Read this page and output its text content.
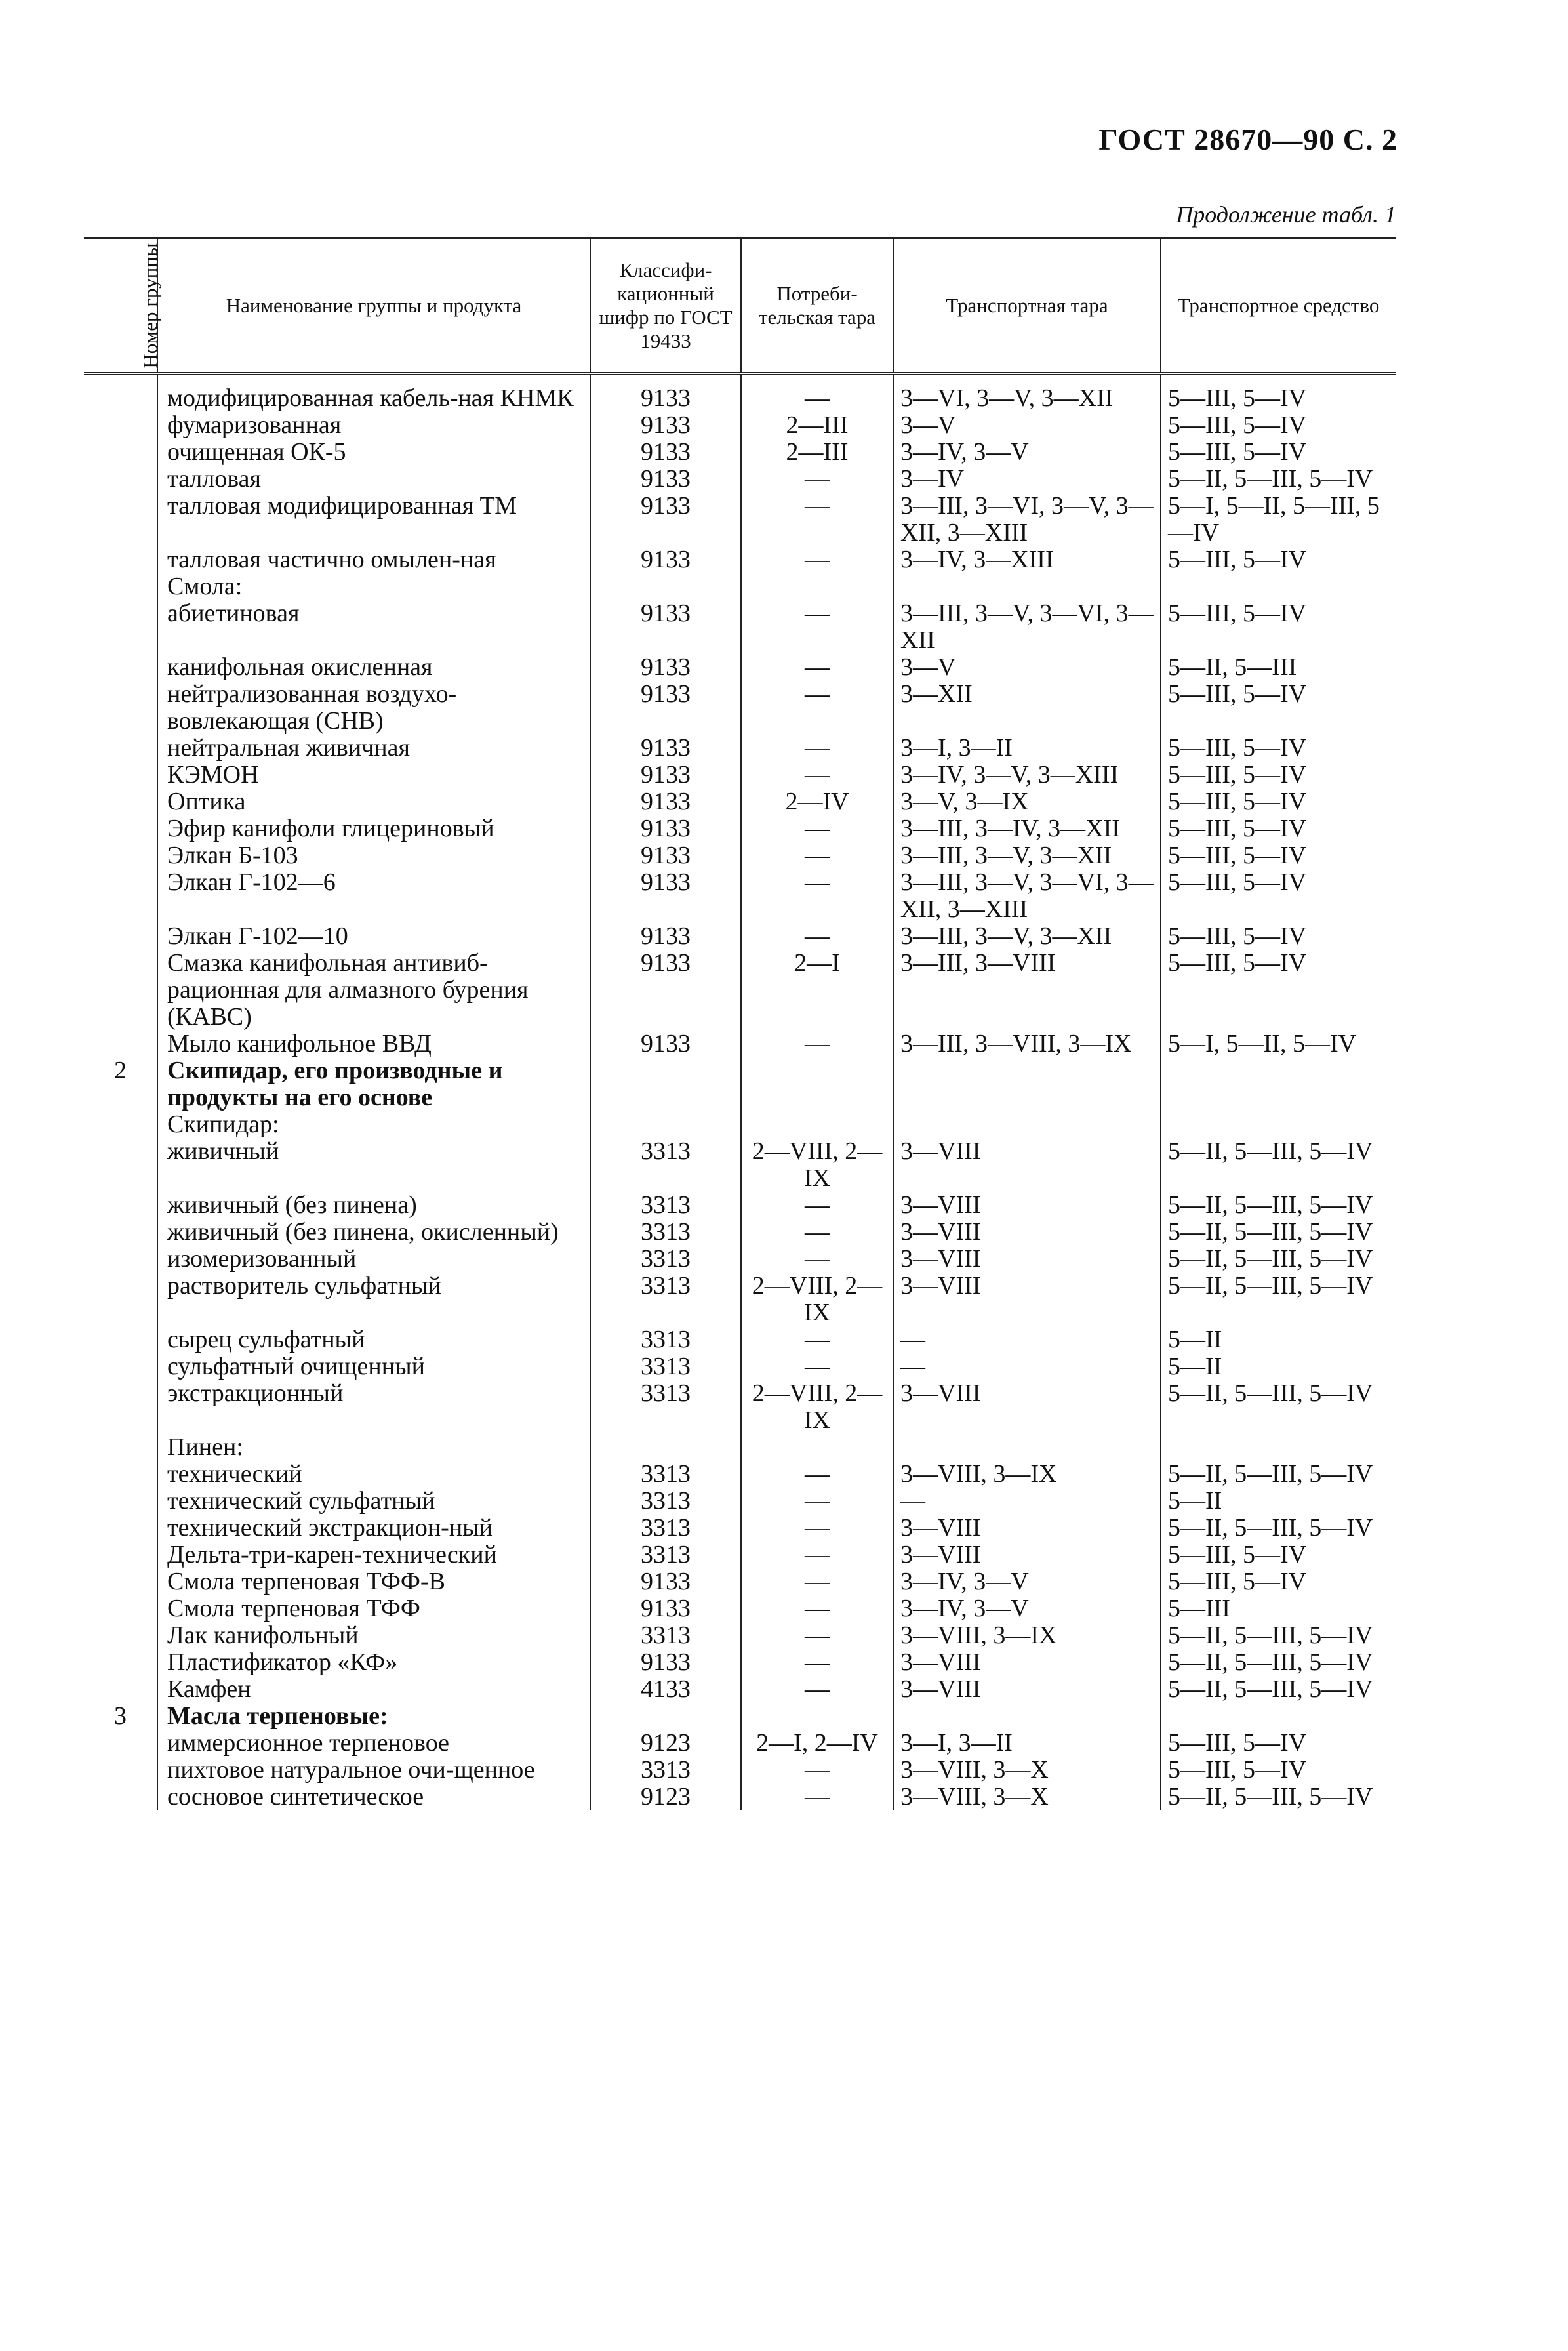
ГОСТ 28670—90 С. 2
Продолжение табл. 1
Номер группы	Наименование группы и продукта	Классифи-кационный шифр по ГОСТ 19433	Потреби-тельская тара	Транспортная тара	Транспортное средство
	модифицированная кабель-ная КНМК	9133	—	3—VI, 3—V, 3—XII	5—III, 5—IV
	фумаризованная	9133	2—III	3—V	5—III, 5—IV
	очищенная ОК-5	9133	2—III	3—IV, 3—V	5—III, 5—IV
	талловая	9133	—	3—IV	5—II, 5—III, 5—IV
	талловая модифицированная ТМ	9133	—	3—III, 3—VI, 3—V, 3—XII, 3—XIII	5—I, 5—II, 5—III, 5—IV
	талловая частично омылен-ная	9133	—	3—IV, 3—XIII	5—III, 5—IV
	Смола:				
	абиетиновая	9133	—	3—III, 3—V, 3—VI, 3—XII	5—III, 5—IV
	канифольная окисленная	9133	—	3—V	5—II, 5—III
	нейтрализованная воздухо-вовлекающая (СНВ)	9133	—	3—XII	5—III, 5—IV
	нейтральная живичная	9133	—	3—I, 3—II	5—III, 5—IV
	КЭМОН	9133	—	3—IV, 3—V, 3—XIII	5—III, 5—IV
	Оптика	9133	2—IV	3—V, 3—IX	5—III, 5—IV
	Эфир канифоли глицериновый	9133	—	3—III, 3—IV, 3—XII	5—III, 5—IV
	Элкан Б-103	9133	—	3—III, 3—V, 3—XII	5—III, 5—IV
	Элкан Г-102—6	9133	—	3—III, 3—V, 3—VI, 3—XII, 3—XIII	5—III, 5—IV
	Элкан Г-102—10	9133	—	3—III, 3—V, 3—XII	5—III, 5—IV
	Смазка канифольная антивиб-рационная для алмазного бурения (КАВС)	9133	2—I	3—III, 3—VIII	5—III, 5—IV
	Мыло канифольное ВВД	9133	—	3—III, 3—VIII, 3—IX	5—I, 5—II, 5—IV
2	Скипидар, его производные и продукты на его основе				
	Скипидар:				
	живичный	3313	2—VIII, 2—IX	3—VIII	5—II, 5—III, 5—IV
	живичный (без пинена)	3313	—	3—VIII	5—II, 5—III, 5—IV
	живичный (без пинена, окисленный)	3313	—	3—VIII	5—II, 5—III, 5—IV
	изомеризованный	3313	—	3—VIII	5—II, 5—III, 5—IV
	растворитель сульфатный	3313	2—VIII, 2—IX	3—VIII	5—II, 5—III, 5—IV
	сырец сульфатный	3313	—	—	5—II
	сульфатный очищенный	3313	—	—	5—II
	экстракционный	3313	2—VIII, 2—IX	3—VIII	5—II, 5—III, 5—IV
	Пинен:				
	технический	3313	—	3—VIII, 3—IX	5—II, 5—III, 5—IV
	технический сульфатный	3313	—	—	5—II
	технический экстракцион-ный	3313	—	3—VIII	5—II, 5—III, 5—IV
	Дельта-три-карен-технический	3313	—	3—VIII	5—III, 5—IV
	Смола терпеновая ТФФ-В	9133	—	3—IV, 3—V	5—III, 5—IV
	Смола терпеновая ТФФ	9133	—	3—IV, 3—V	5—III
	Лак канифольный	3313	—	3—VIII, 3—IX	5—II, 5—III, 5—IV
	Пластификатор «КФ»	9133	—	3—VIII	5—II, 5—III, 5—IV
	Камфен	4133	—	3—VIII	5—II, 5—III, 5—IV
3	Масла терпеновые:				
	иммерсионное терпеновое	9123	2—I, 2—IV	3—I, 3—II	5—III, 5—IV
	пихтовое натуральное очи-щенное	3313	—	3—VIII, 3—X	5—III, 5—IV
	сосновое синтетическое	9123	—	3—VIII, 3—X	5—II, 5—III, 5—IV
